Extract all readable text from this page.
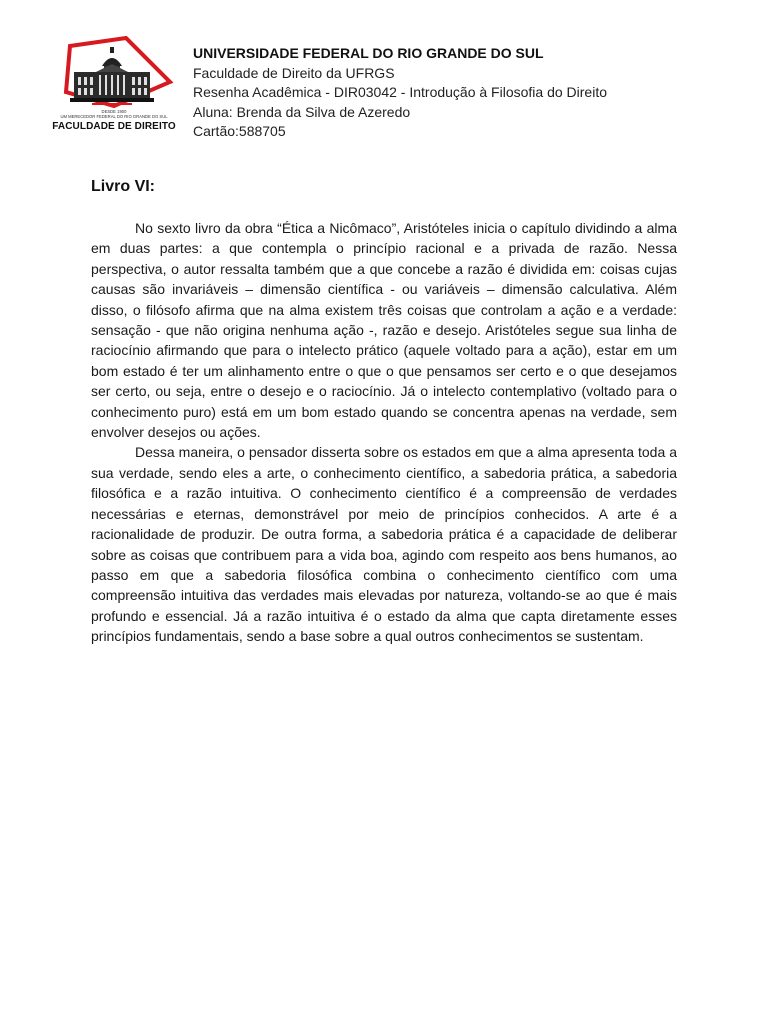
DESDE 1900
UM MERECEDOR FEDERAL DO RIO GRANDE DO SUL
FACULDADE DE DIREITO
UNIVERSIDADE FEDERAL DO RIO GRANDE DO SUL
Faculdade de Direito da UFRGS
Resenha Acadêmica - DIR03042 - Introdução à Filosofia do Direito
Aluna: Brenda da Silva de Azeredo
Cartão:588705
Livro VI:

No sexto livro da obra “Ética a Nicômaco”, Aristóteles inicia o capítulo dividindo a alma em duas partes: a que contempla o princípio racional e a privada de razão. Nessa perspectiva, o autor ressalta também que a que concebe a razão é dividida em: coisas cujas causas são invariáveis – dimensão científica - ou variáveis – dimensão calculativa. Além disso, o filósofo afirma que na alma existem três coisas que controlam a ação e a verdade: sensação - que não origina nenhuma ação -, razão e desejo. Aristóteles segue sua linha de raciocínio afirmando que para o intelecto prático (aquele voltado para a ação), estar em um bom estado é ter um alinhamento entre o que o que pensamos ser certo e o que desejamos ser certo, ou seja, entre o desejo e o raciocínio. Já o intelecto contemplativo (voltado para o conhecimento puro) está em um bom estado quando se concentra apenas na verdade, sem envolver desejos ou ações.

Dessa maneira, o pensador disserta sobre os estados em que a alma apresenta toda a sua verdade, sendo eles a arte, o conhecimento científico, a sabedoria prática, a sabedoria filosófica e a razão intuitiva. O conhecimento científico é a compreensão de verdades necessárias e eternas, demonstrável por meio de princípios conhecidos. A arte é a racionalidade de produzir. De outra forma, a sabedoria prática é a capacidade de deliberar sobre as coisas que contribuem para a vida boa, agindo com respeito aos bens humanos, ao passo em que a sabedoria filosófica combina o conhecimento científico com uma compreensão intuitiva das verdades mais elevadas por natureza, voltando-se ao que é mais profundo e essencial. Já a razão intuitiva é o estado da alma que capta diretamente esses princípios fundamentais, sendo a base sobre a qual outros conhecimentos se sustentam.
